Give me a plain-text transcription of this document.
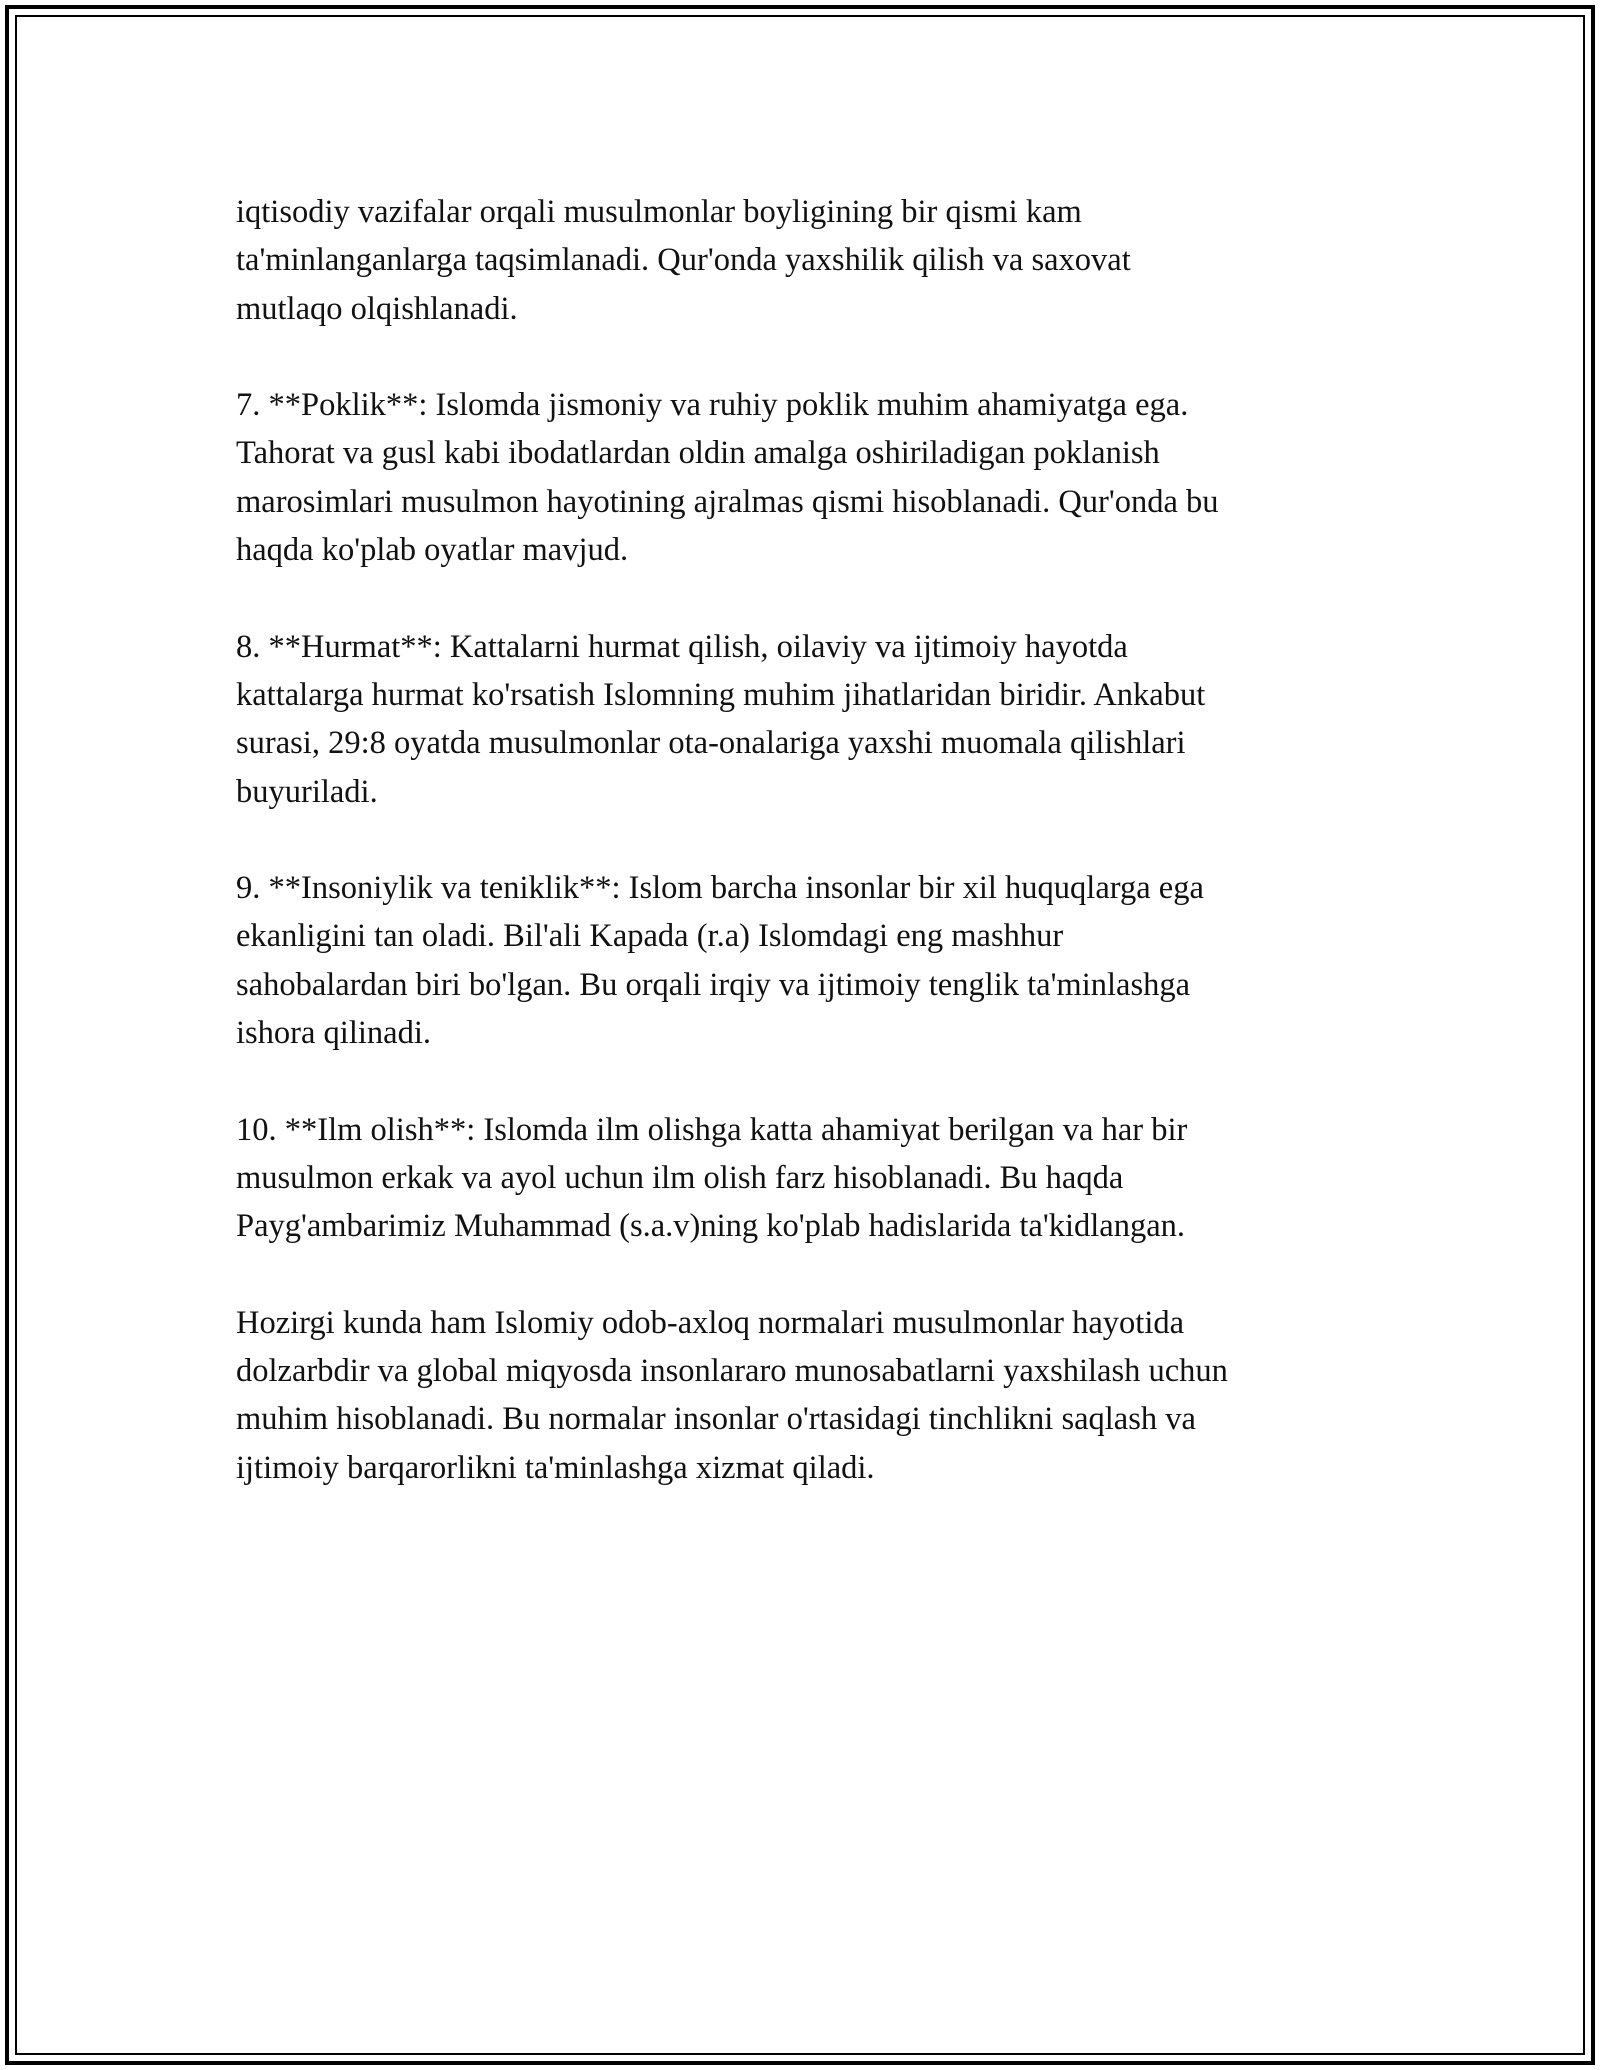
iqtisodiy vazifalar orqali musulmonlar boyligining bir qismi kam
ta'minlanganlarga taqsimlanadi. Qur'onda yaxshilik qilish va saxovat
mutlaqo olqishlanadi.

7. **Poklik**: Islomda jismoniy va ruhiy poklik muhim ahamiyatga ega.
Tahorat va gusl kabi ibodatlardan oldin amalga oshiriladigan poklanish
marosimlari musulmon hayotining ajralmas qismi hisoblanadi. Qur'onda bu
haqda ko'plab oyatlar mavjud.

8. **Hurmat**: Kattalarni hurmat qilish, oilaviy va ijtimoiy hayotda
kattalarga hurmat ko'rsatish Islomning muhim jihatlaridan biridir. Ankabut
surasi, 29:8 oyatda musulmonlar ota-onalariga yaxshi muomala qilishlari
buyuriladi.

9. **Insoniylik va teniklik**: Islom barcha insonlar bir xil huquqlarga ega
ekanligini tan oladi. Bil'ali Kapada (r.a) Islomdagi eng mashhur
sahobalardan biri bo'lgan. Bu orqali irqiy va ijtimoiy tenglik ta'minlashga
ishora qilinadi.

10. **Ilm olish**: Islomda ilm olishga katta ahamiyat berilgan va har bir
musulmon erkak va ayol uchun ilm olish farz hisoblanadi. Bu haqda
Payg'ambarimiz Muhammad (s.a.v)ning ko'plab hadislarida ta'kidlangan.

Hozirgi kunda ham Islomiy odob-axloq normalari musulmonlar hayotida
dolzarbdir va global miqyosda insonlararo munosabatlarni yaxshilash uchun
muhim hisoblanadi. Bu normalar insonlar o'rtasidagi tinchlikni saqlash va
ijtimoiy barqarorlikni ta'minlashga xizmat qiladi.
